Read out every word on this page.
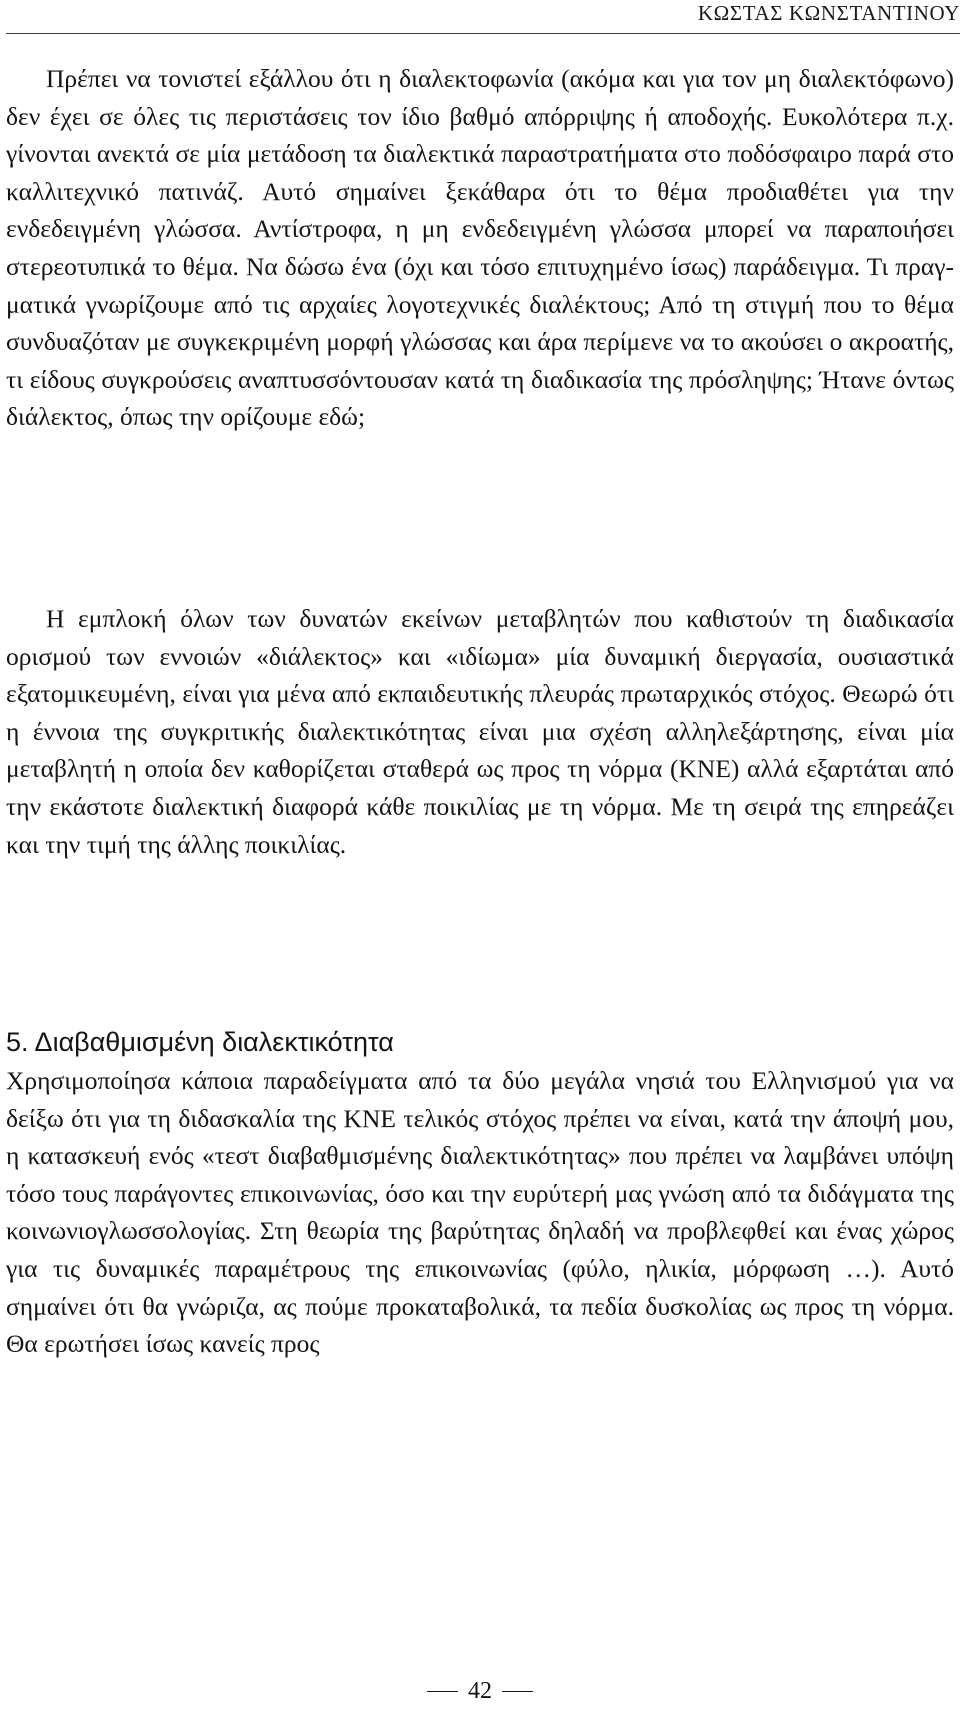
ΚΩΣΤΑΣ ΚΩΝΣΤΑΝΤΙΝΟΥ

Πρέπει να τονιστεί εξάλλου ότι η διαλεκτοφωνία (ακόμα και για τον μη διαλεκτόφωνο) δεν έχει σε όλες τις περιστάσεις τον ίδιο βαθμό απόρριψης ή αποδοχής. Ευκολότερα π.χ. γίνονται ανεκτά σε μία μετάδοση τα διαλεκτικά παραστρατήματα στο ποδόσφαιρο παρά στο καλλιτεχνικό πατινάζ. Αυτό σημαίνει ξεκάθαρα ότι το θέμα προδιαθέτει για την ενδεδειγμένη γλώσσα. Αντίστροφα, η μη ενδεδειγμένη γλώσσα μπορεί να παραποιήσει στερεοτυπικά το θέμα. Να δώσω ένα (όχι και τόσο επιτυχημένο ίσως) παράδειγμα. Τι πραγματικά γνωρίζουμε από τις αρχαίες λογοτεχνικές διαλέκτους; Από τη στιγμή που το θέμα συνδυαζόταν με συγκεκριμένη μορφή γλώσσας και άρα περίμενε να το ακούσει ο ακροατής, τι είδους συγκρούσεις αναπτυσσόντουσαν κατά τη διαδικασία της πρόσληψης; Ήτανε όντως διάλεκτος, όπως την ορίζουμε εδώ;

Η εμπλοκή όλων των δυνατών εκείνων μεταβλητών που καθιστούν τη διαδικασία ορισμού των εννοιών «διάλεκτος» και «ιδίωμα» μία δυναμική διεργασία, ουσιαστικά εξατομικευμένη, είναι για μένα από εκπαιδευτικής πλευράς πρωταρχικός στόχος. Θεωρώ ότι η έννοια της συγκριτικής διαλεκτικότητας είναι μια σχέση αλληλεξάρτησης, είναι μία μεταβλητή η οποία δεν καθορίζεται σταθερά ως προς τη νόρμα (ΚΝΕ) αλλά εξαρτάται από την εκάστοτε διαλεκτική διαφορά κάθε ποικιλίας με τη νόρμα. Με τη σειρά της επηρεάζει και την τιμή της άλλης ποικιλίας.

5. Διαβαθμισμένη διαλεκτικότητα

Χρησιμοποίησα κάποια παραδείγματα από τα δύο μεγάλα νησιά του Ελληνισμού για να δείξω ότι για τη διδασκαλία της ΚΝΕ τελικός στόχος πρέπει να είναι, κατά την άποψή μου, η κατασκευή ενός «τεστ διαβαθμισμένης διαλεκτικότητας» που πρέπει να λαμβάνει υπόψη τόσο τους παράγοντες επικοινωνίας, όσο και την ευρύτερή μας γνώση από τα διδάγματα της κοινωνιογλωσσολογίας. Στη θεωρία της βαρύτητας δηλαδή να προβλεφθεί και ένας χώρος για τις δυναμικές παραμέτρους της επικοινωνίας (φύλο, ηλικία, μόρφωση …). Αυτό σημαίνει ότι θα γνώριζα, ας πούμε προκαταβολικά, τα πεδία δυσκολίας ως προς τη νόρμα. Θα ερωτήσει ίσως κανείς προς

42
